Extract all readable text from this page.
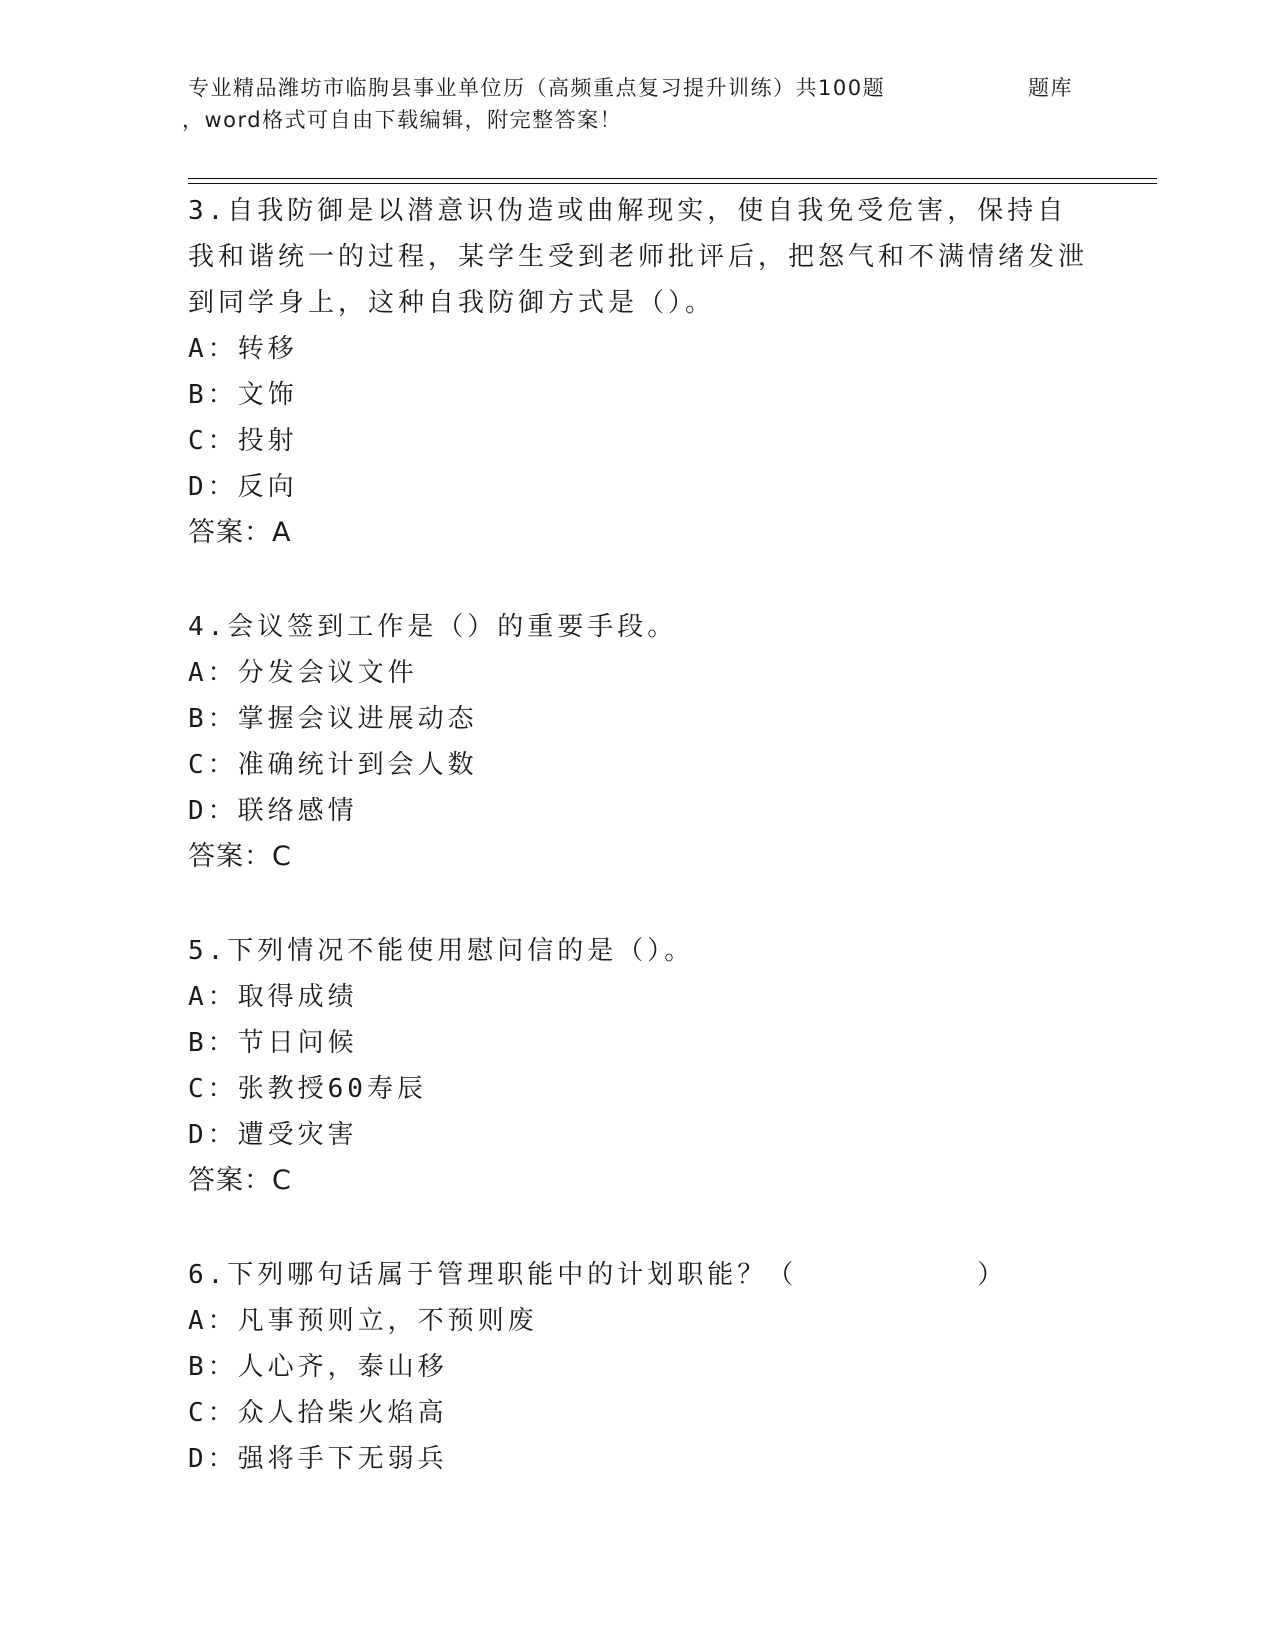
专业精品潍坊市临朐县事业单位历（高频重点复习提升训练）共100题	题库
，word格式可自由下载编辑，附完整答案！

3.自我防御是以潜意识伪造或曲解现实，使自我免受危害，保持自我和谐统一的过程，某学生受到老师批评后，把怒气和不满情绪发泄到同学身上，这种自我防御方式是（）。

A：转移

B：文饰

C：投射

D：反向

答案：A

4.会议签到工作是（）的重要手段。

A：分发会议文件

B：掌握会议进展动态

C：准确统计到会人数

D：联络感情

答案：C

5.下列情况不能使用慰问信的是（）。

A：取得成绩

B：节日问候

C：张教授60寿辰

D：遭受灾害

答案：C

6.下列哪句话属于管理职能中的计划职能？（　　　　　　）

A：凡事预则立，不预则废

B：人心齐，泰山移

C：众人拾柴火焰高

D：强将手下无弱兵
